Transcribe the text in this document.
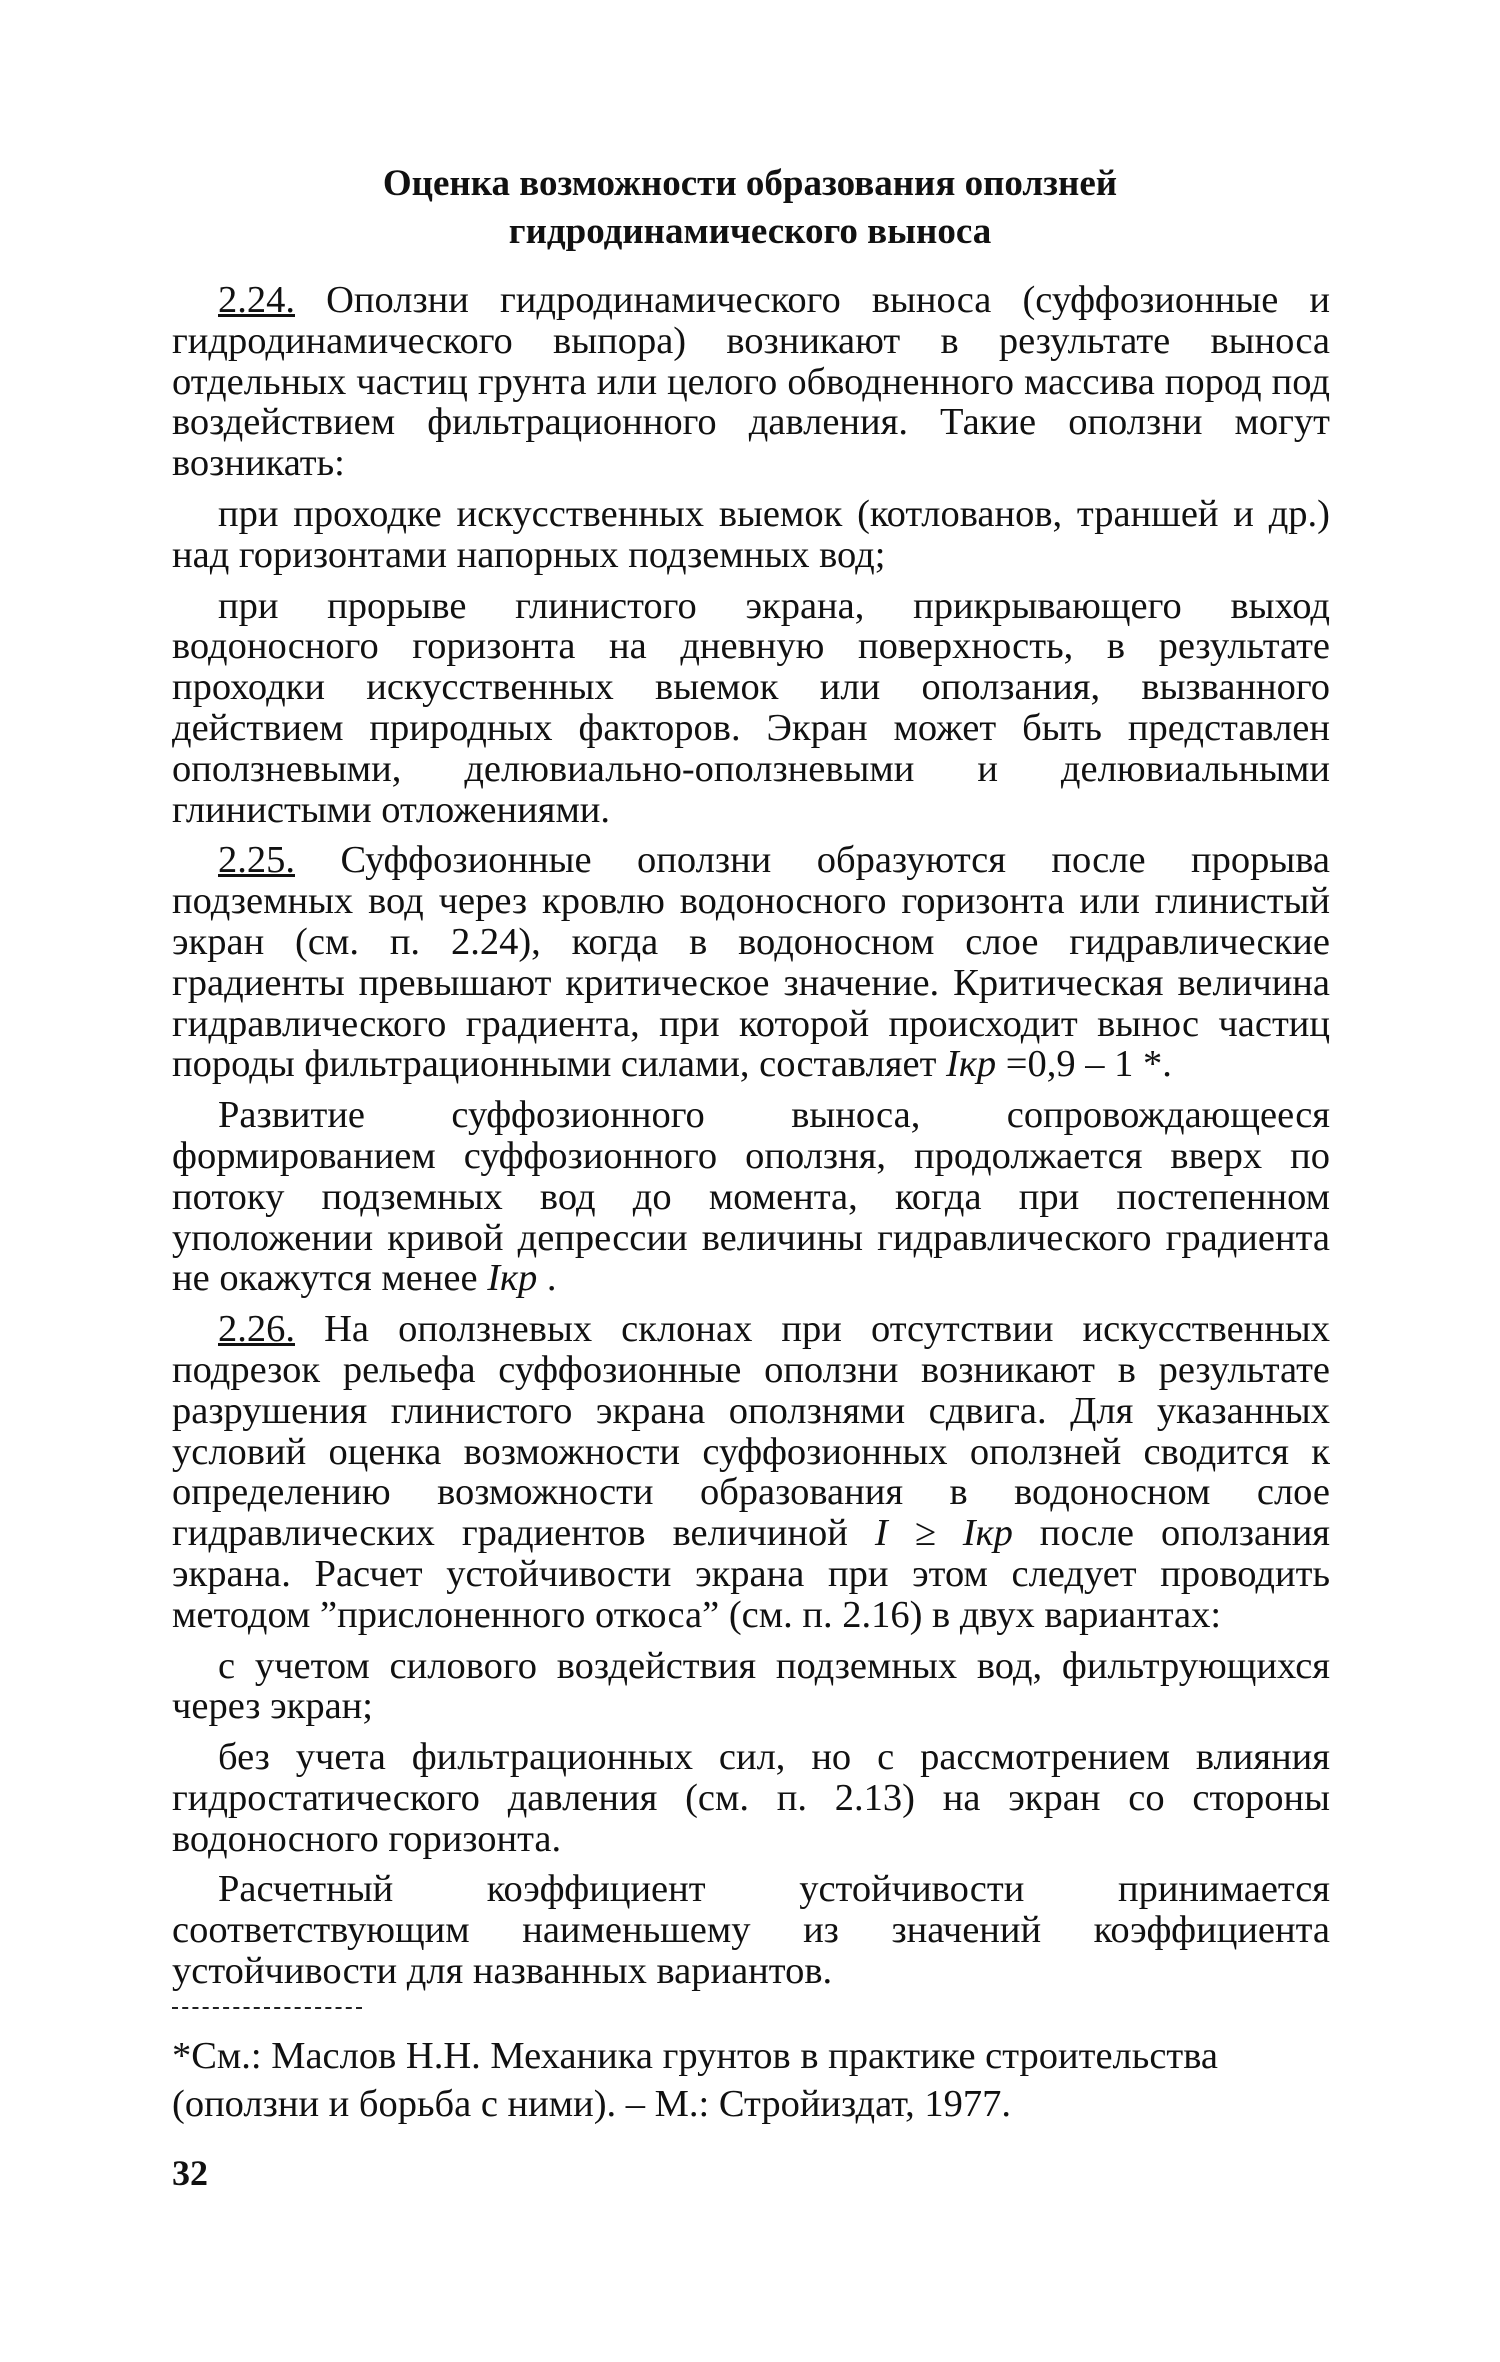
Оценка возможности образования оползней
гидродинамического выноса

2.24. Оползни гидродинамического выноса (суффозионные и гидродинамического выпора) возникают в результате выноса отдельных частиц грунта или целого обводненного массива пород под воздействием фильтрационного давления. Такие оползни могут возникать:

при проходке искусственных выемок (котлованов, траншей и др.) над горизонтами напорных подземных вод;

при прорыве глинистого экрана, прикрывающего выход водоносного горизонта на дневную поверхность, в результате проходки искусственных выемок или оползания, вызванного действием природных факторов. Экран может быть представлен оползневыми, делювиально-оползневыми и делювиальными глинистыми отложениями.

2.25. Суффозионные оползни образуются после прорыва подземных вод через кровлю водоносного горизонта или глинистый экран (см. п. 2.24), когда в водоносном слое гидравлические градиенты превышают критическое значение. Критическая величина гидравлического градиента, при которой происходит вынос частиц породы фильтрационными силами, составляет Iкр =0,9 – 1 *.

Развитие суффозионного выноса, сопровождающееся формированием суффозионного оползня, продолжается вверх по потоку подземных вод до момента, когда при постепенном уположении кривой депрессии величины гидравлического градиента не окажутся менее Iкр .

2.26. На оползневых склонах при отсутствии искусственных подрезок рельефа суффозионные оползни возникают в результате разрушения глинистого экрана оползнями сдвига. Для указанных условий оценка возможности суффозионных оползней сводится к определению возможности образования в водоносном слое гидравлических градиентов величиной I ≥ Iкр после оползания экрана. Расчет устойчивости экрана при этом следует проводить методом ”прислоненного откоса” (см. п. 2.16) в двух вариантах:

с учетом силового воздействия подземных вод, фильтрующихся через экран;

без учета фильтрационных сил, но с рассмотрением влияния гидростатического давления (см. п. 2.13) на экран со стороны водоносного горизонта.

Расчетный коэффициент устойчивости принимается соответствующим наименьшему из значений коэффициента устойчивости для названных вариантов.

*См.: Маслов Н.Н. Механика грунтов в практике строительства

(оползни и борьба с ними). – М.: Стройиздат, 1977.

32
